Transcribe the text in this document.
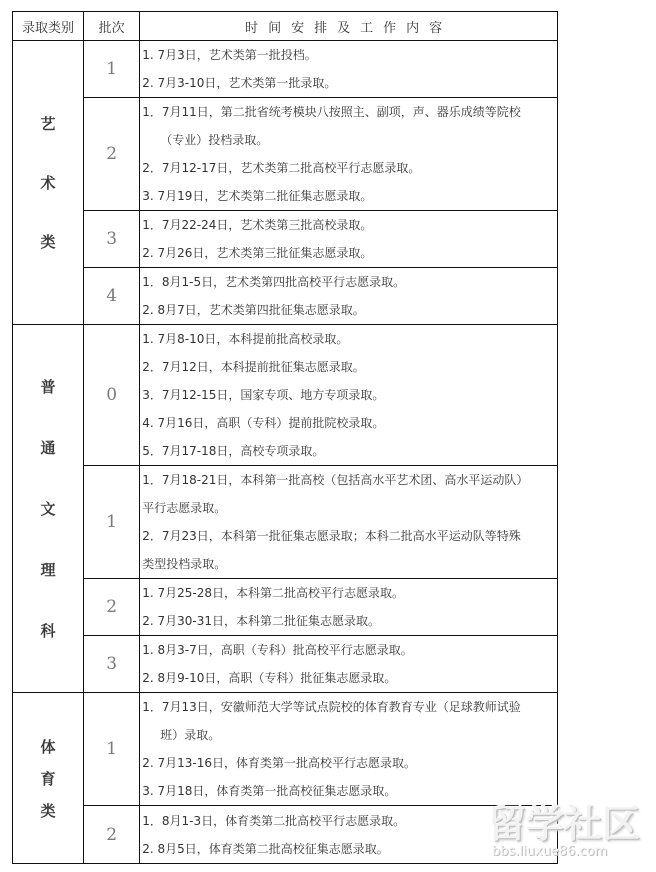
录取类别	批次	时间安排及工作内容

艺
术
类
	1	
1. 7月3日，艺术类第一批投档。
2. 7月3-10日，艺术类第一批录取。

	2	1．7月11日，第二批省统考模块八按照主、副项，声、器乐成绩等院校
（专业）投档录取。
2．7月12-17日，艺术类第二批高校平行志愿录取。
3. 7月19日，艺术类第二批征集志愿录取。

	3	1．7月22-24日，艺术类第三批高校录取。
2. 7月26日，艺术类第三批征集志愿录取。

	4	1．8月1-5日，艺术类第四批高校平行志愿录取。
2. 8月7日，艺术类第四批征集志愿录取。

普
通
文
理
科
	0	
1. 7月8-10日，本科提前批高校录取。
2．7月12日，本科提前批征集志愿录取。
3．7月12-15日，国家专项、地方专项录取。
4. 7月16日，高职（专科）提前批院校录取。
5．7月17-18日，高校专项录取。

	1	1．7月18-21日，本科第一批高校（包括高水平艺术团、高水平运动队）
平行志愿录取。
2．7月23日，本科第一批征集志愿录取；本科二批高水平运动队等特殊
类型投档录取。

	2	1. 7月25-28日，本科第二批高校平行志愿录取。
2. 7月30-31日，本科第二批征集志愿录取。

	3	1. 8月3-7日，高职（专科）批高校平行志愿录取。
2. 8月9-10日，高职（专科）批征集志愿录取。

体
育
类
	1	
1．7月13日，安徽师范大学等试点院校的体育教育专业（足球教师试验
班）录取。
2. 7月13-16日，体育类第一批高校平行志愿录取。
3. 7月18日，体育类第一批高校征集志愿录取。

	2	1．8月1-3日，体育类第二批高校平行志愿录取。
2. 8月5日，体育类第二批高校征集志愿录取。
留学社区
bbs.liuxue86.com
